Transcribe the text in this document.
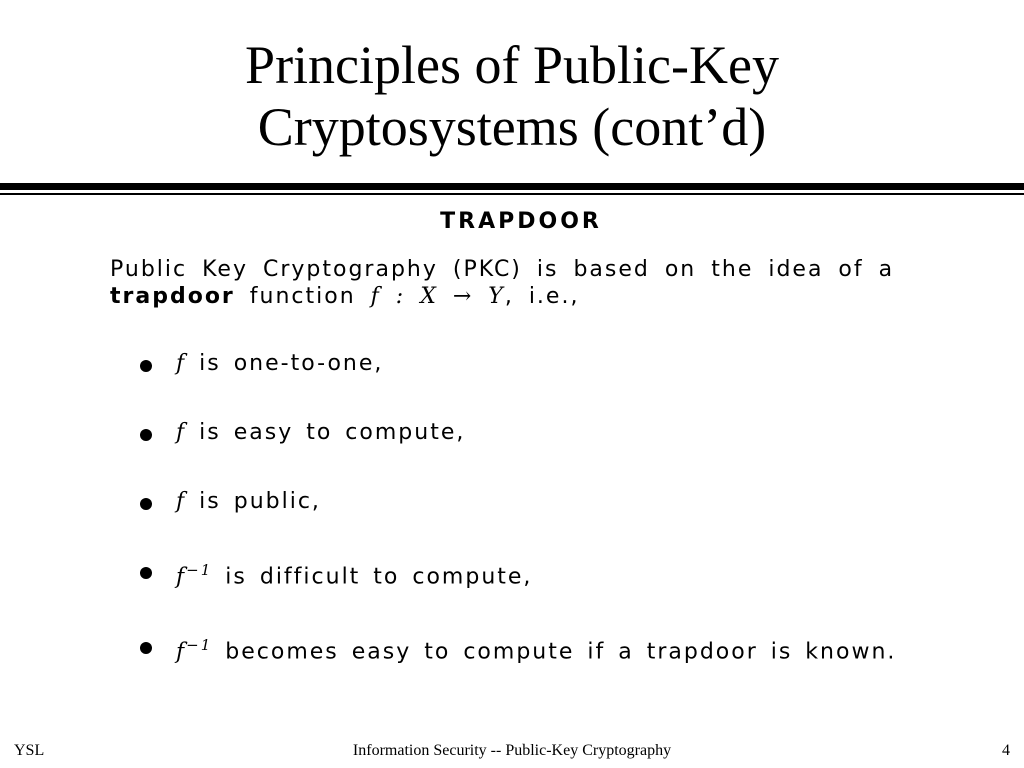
Principles of Public-Key
Cryptosystems (cont’d)
TRAPDOOR
Public Key Cryptography (PKC) is based on the idea of a trapdoor function f : X → Y, i.e.,
f is one-to-one,
f is easy to compute,
f is public,
$f^{-1}$ is difficult to compute,
$f^{-1}$ becomes easy to compute if a trapdoor is known.
YSL	Information Security -- Public-Key Cryptography	4
